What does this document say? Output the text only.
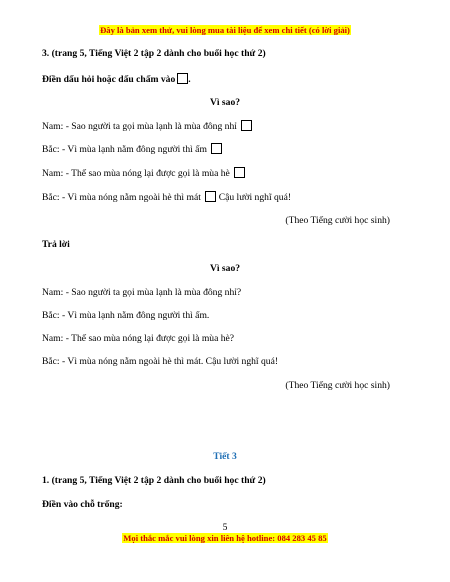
Đây là bản xem thử, vui lòng mua tài liệu để xem chi tiết (có lời giải)
3. (trang 5, Tiếng Việt 2 tập 2 dành cho buổi học thứ 2)
Điền dấu hỏi hoặc dấu chấm vào .
Vì sao?
Nam: - Sao người ta gọi mùa lạnh là mùa đông nhỉ
Bắc: - Vì mùa lạnh nằm đông người thì ấm
Nam: - Thế sao mùa nóng lại được gọi là mùa hè
Bắc: - Vì mùa nóng nằm ngoài hè thì mát Cậu lười nghĩ quá!
(Theo Tiếng cười học sinh)
Trả lời
Vì sao?
Nam: - Sao người ta gọi mùa lạnh là mùa đông nhỉ?
Bắc: - Vì mùa lạnh nằm đông người thì ấm.
Nam: - Thế sao mùa nóng lại được gọi là mùa hè?
Bắc: - Vì mùa nóng nằm ngoài hè thì mát. Cậu lười nghĩ quá!
(Theo Tiếng cười học sinh)
Tiết 3
1. (trang 5, Tiếng Việt 2 tập 2 dành cho buổi học thứ 2)
Điền vào chỗ trống:
5
Mọi thắc mắc vui lòng xin liên hệ hotline: 084 283 45 85
